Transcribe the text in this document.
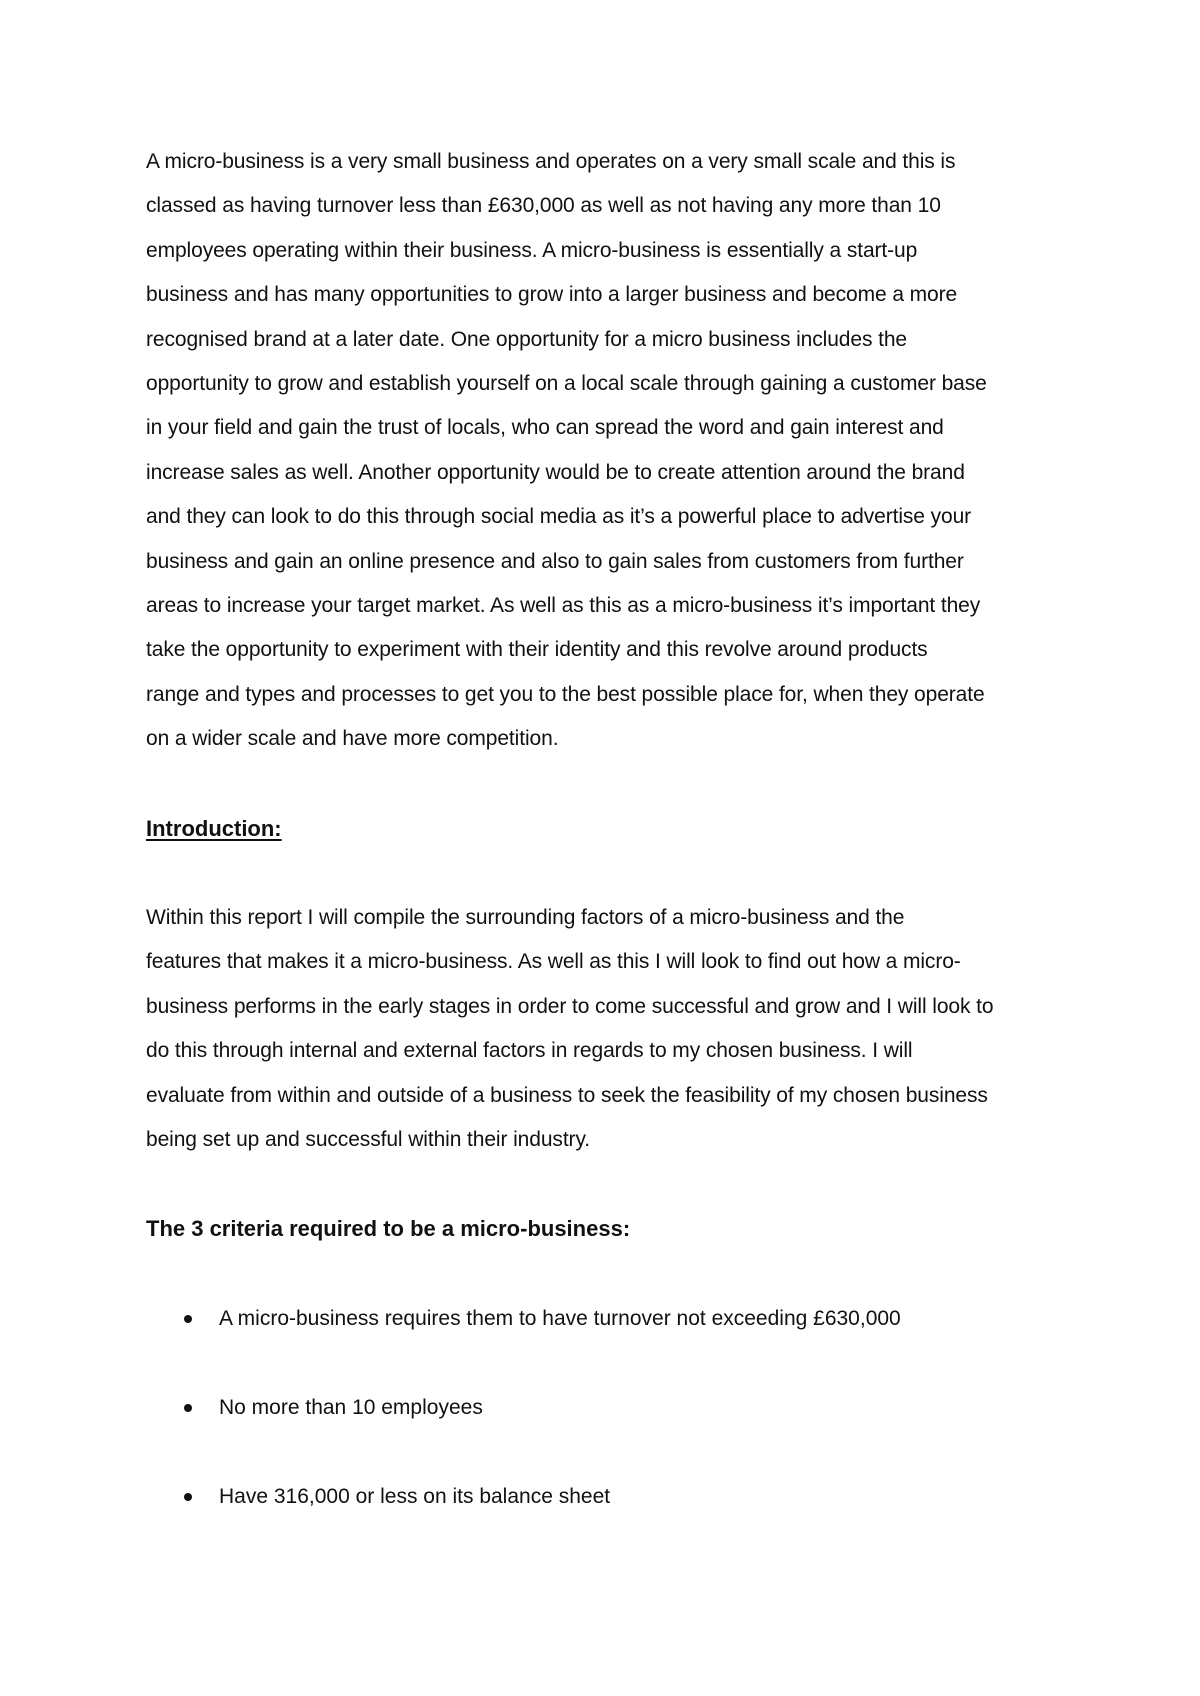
A micro-business is a very small business and operates on a very small scale and this is
classed as having turnover less than £630,000 as well as not having any more than 10
employees operating within their business. A micro-business is essentially a start-up
business and has many opportunities to grow into a larger business and become a more
recognised brand at a later date. One opportunity for a micro business includes the
opportunity to grow and establish yourself on a local scale through gaining a customer base
in your field and gain the trust of locals, who can spread the word and gain interest and
increase sales as well. Another opportunity would be to create attention around the brand
and they can look to do this through social media as it’s a powerful place to advertise your
business and gain an online presence and also to gain sales from customers from further
areas to increase your target market. As well as this as a micro-business it’s important they
take the opportunity to experiment with their identity and this revolve around products
range and types and processes to get you to the best possible place for, when they operate
on a wider scale and have more competition.

Introduction:

Within this report I will compile the surrounding factors of a micro-business and the
features that makes it a micro-business. As well as this I will look to find out how a micro-
business performs in the early stages in order to come successful and grow and I will look to
do this through internal and external factors in regards to my chosen business. I will
evaluate from within and outside of a business to seek the feasibility of my chosen business
being set up and successful within their industry.

The 3 criteria required to be a micro-business:
A micro-business requires them to have turnover not exceeding £630,000
No more than 10 employees
Have 316,000 or less on its balance sheet
